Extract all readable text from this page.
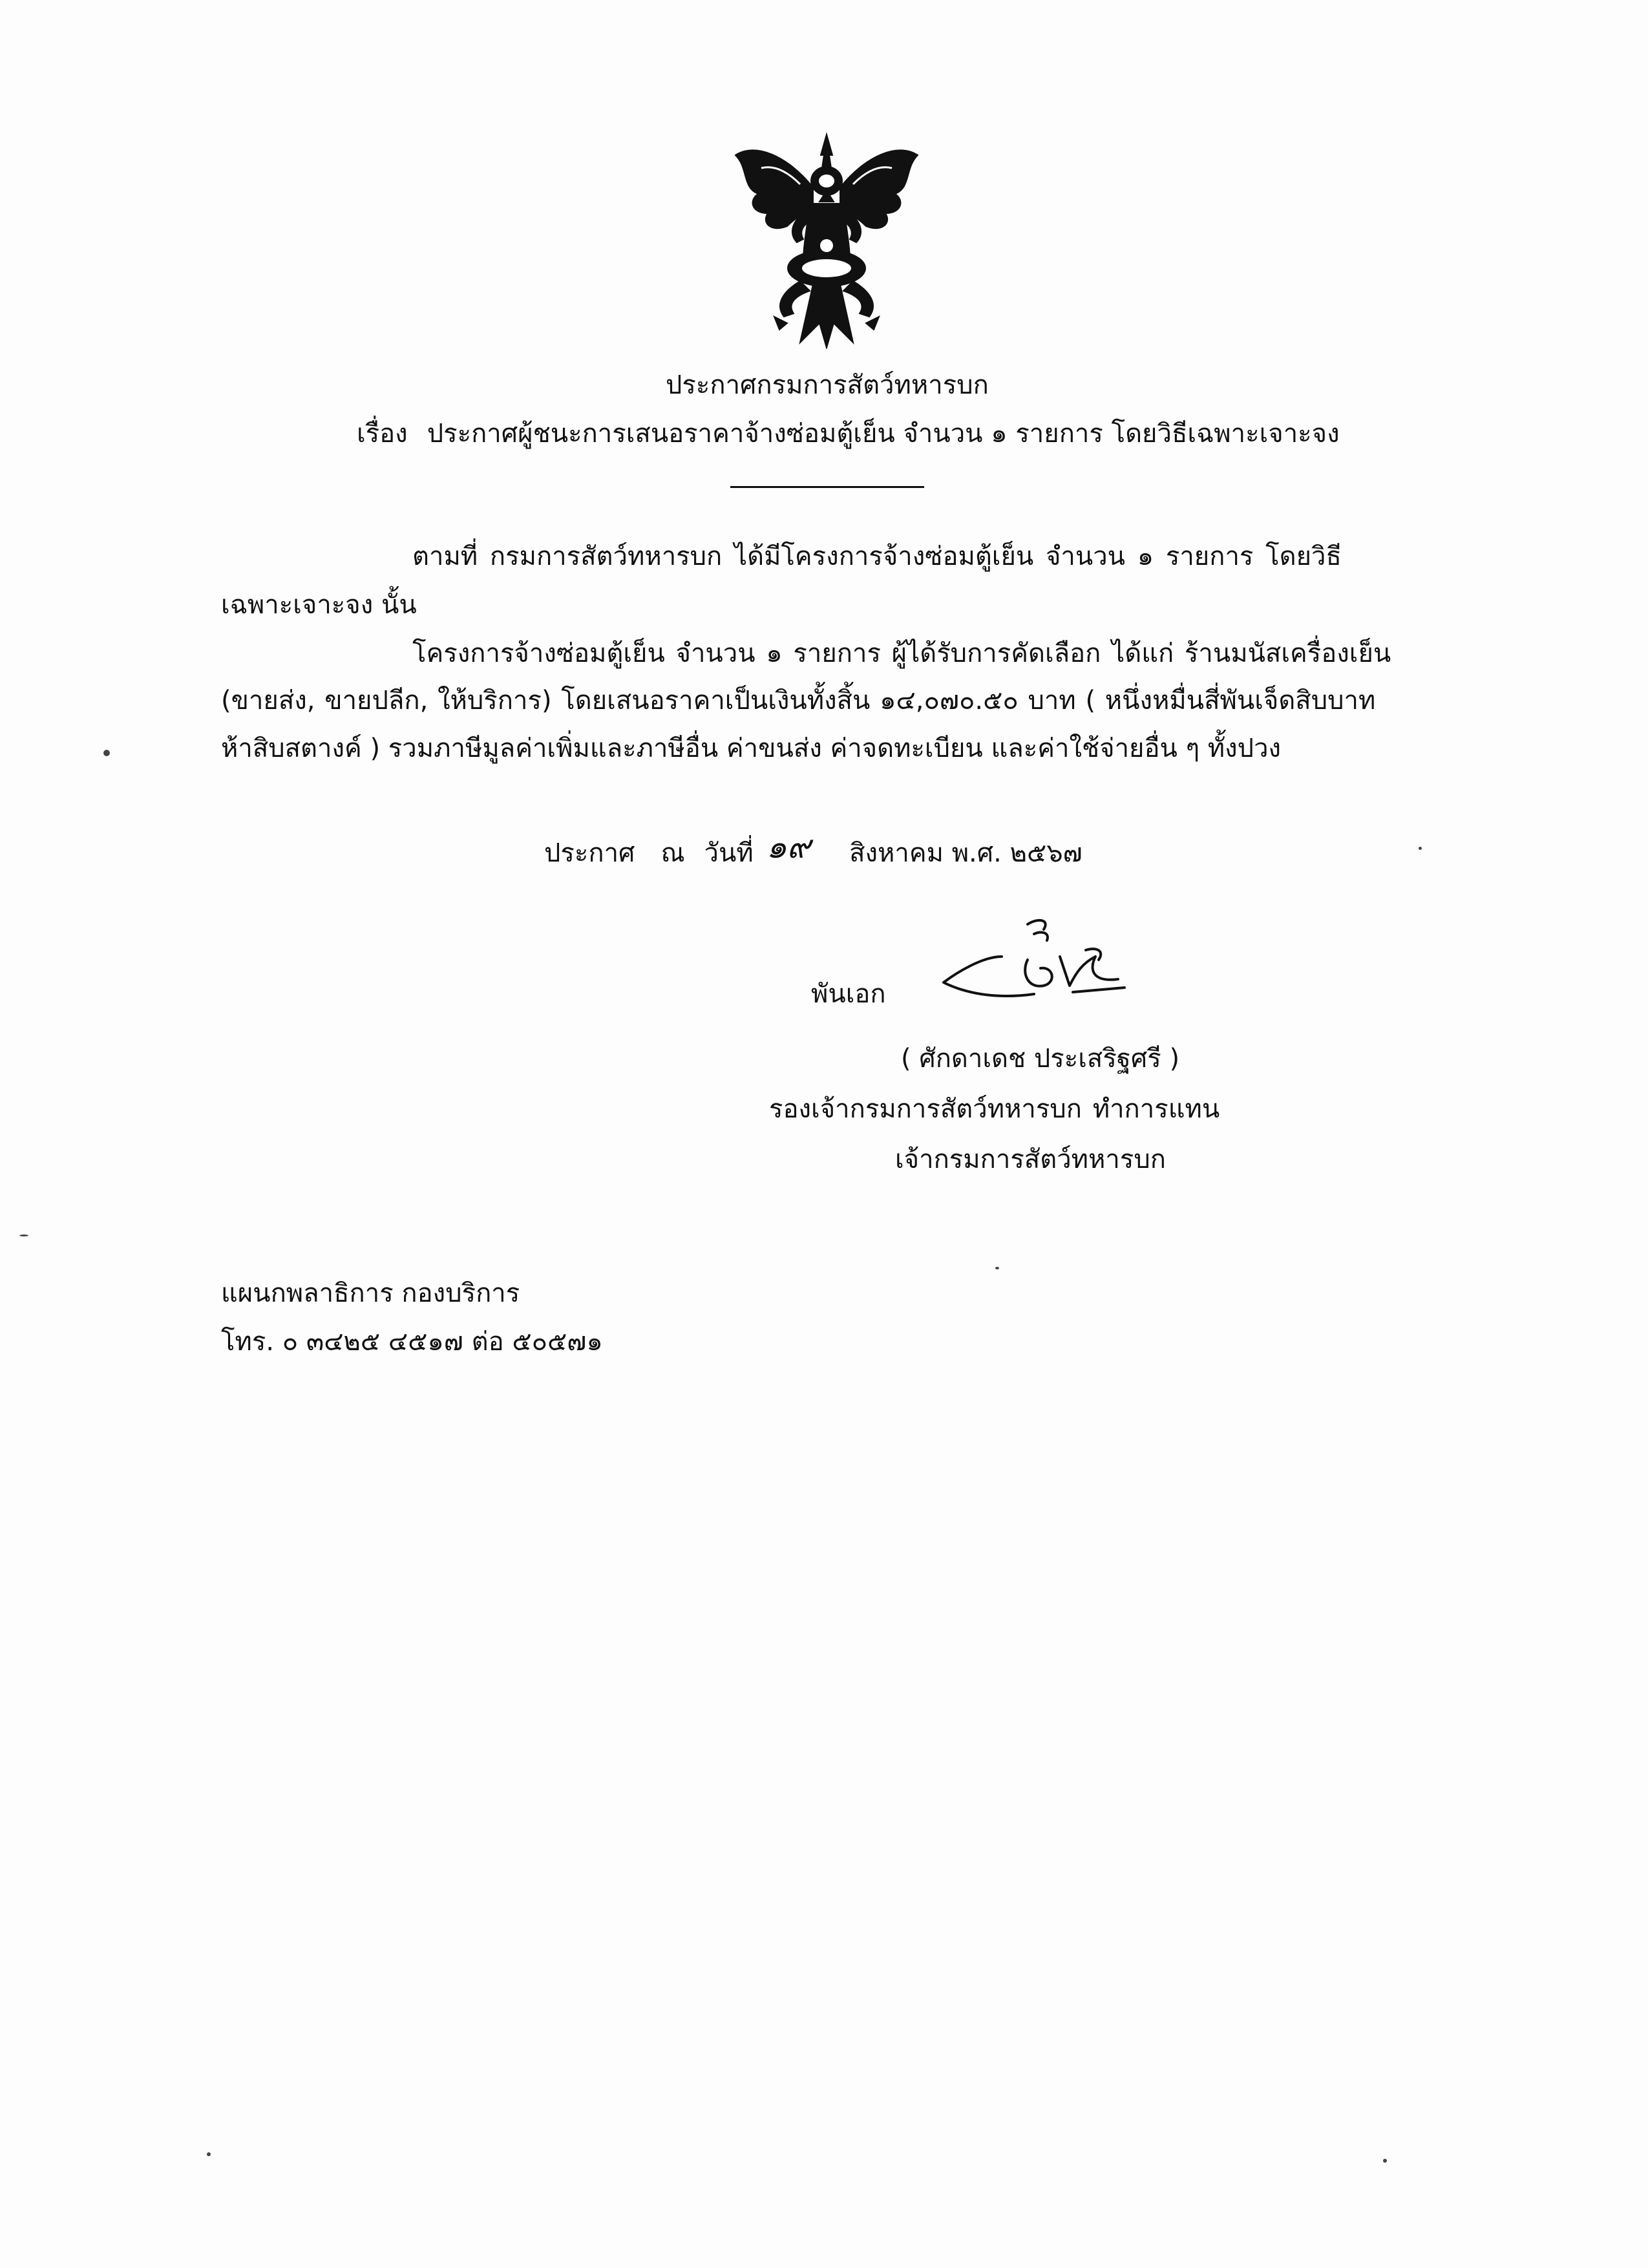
ประกาศกรมการสัตว์ทหารบก
เรื่อง ประกาศผู้ชนะการเสนอราคาจ้างซ่อมตู้เย็น จำนวน ๑ รายการ โดยวิธีเฉพาะเจาะจง
ตามที่ กรมการสัตว์ทหารบก ได้มีโครงการจ้างซ่อมตู้เย็น จำนวน ๑ รายการ โดยวิธี
เฉพาะเจาะจง นั้น
โครงการจ้างซ่อมตู้เย็น จำนวน ๑ รายการ ผู้ได้รับการคัดเลือก ได้แก่ ร้านมนัสเครื่องเย็น
(ขายส่ง, ขายปลีก, ให้บริการ) โดยเสนอราคาเป็นเงินทั้งสิ้น ๑๔,๐๗๐.๕๐ บาท ( หนึ่งหมื่นสี่พันเจ็ดสิบบาท
ห้าสิบสตางค์ ) รวมภาษีมูลค่าเพิ่มและภาษีอื่น ค่าขนส่ง ค่าจดทะเบียน และค่าใช้จ่ายอื่น ๆ ทั้งปวง
ประกาศ ณ วันที่ ๑๙ สิงหาคม พ.ศ. ๒๕๖๗
พันเอก
( ศักดาเดช ประเสริฐศรี )
รองเจ้ากรมการสัตว์ทหารบก ทำการแทน
เจ้ากรมการสัตว์ทหารบก
แผนกพลาธิการ กองบริการ
โทร. ๐ ๓๔๒๕ ๔๕๑๗ ต่อ ๕๐๕๗๑
